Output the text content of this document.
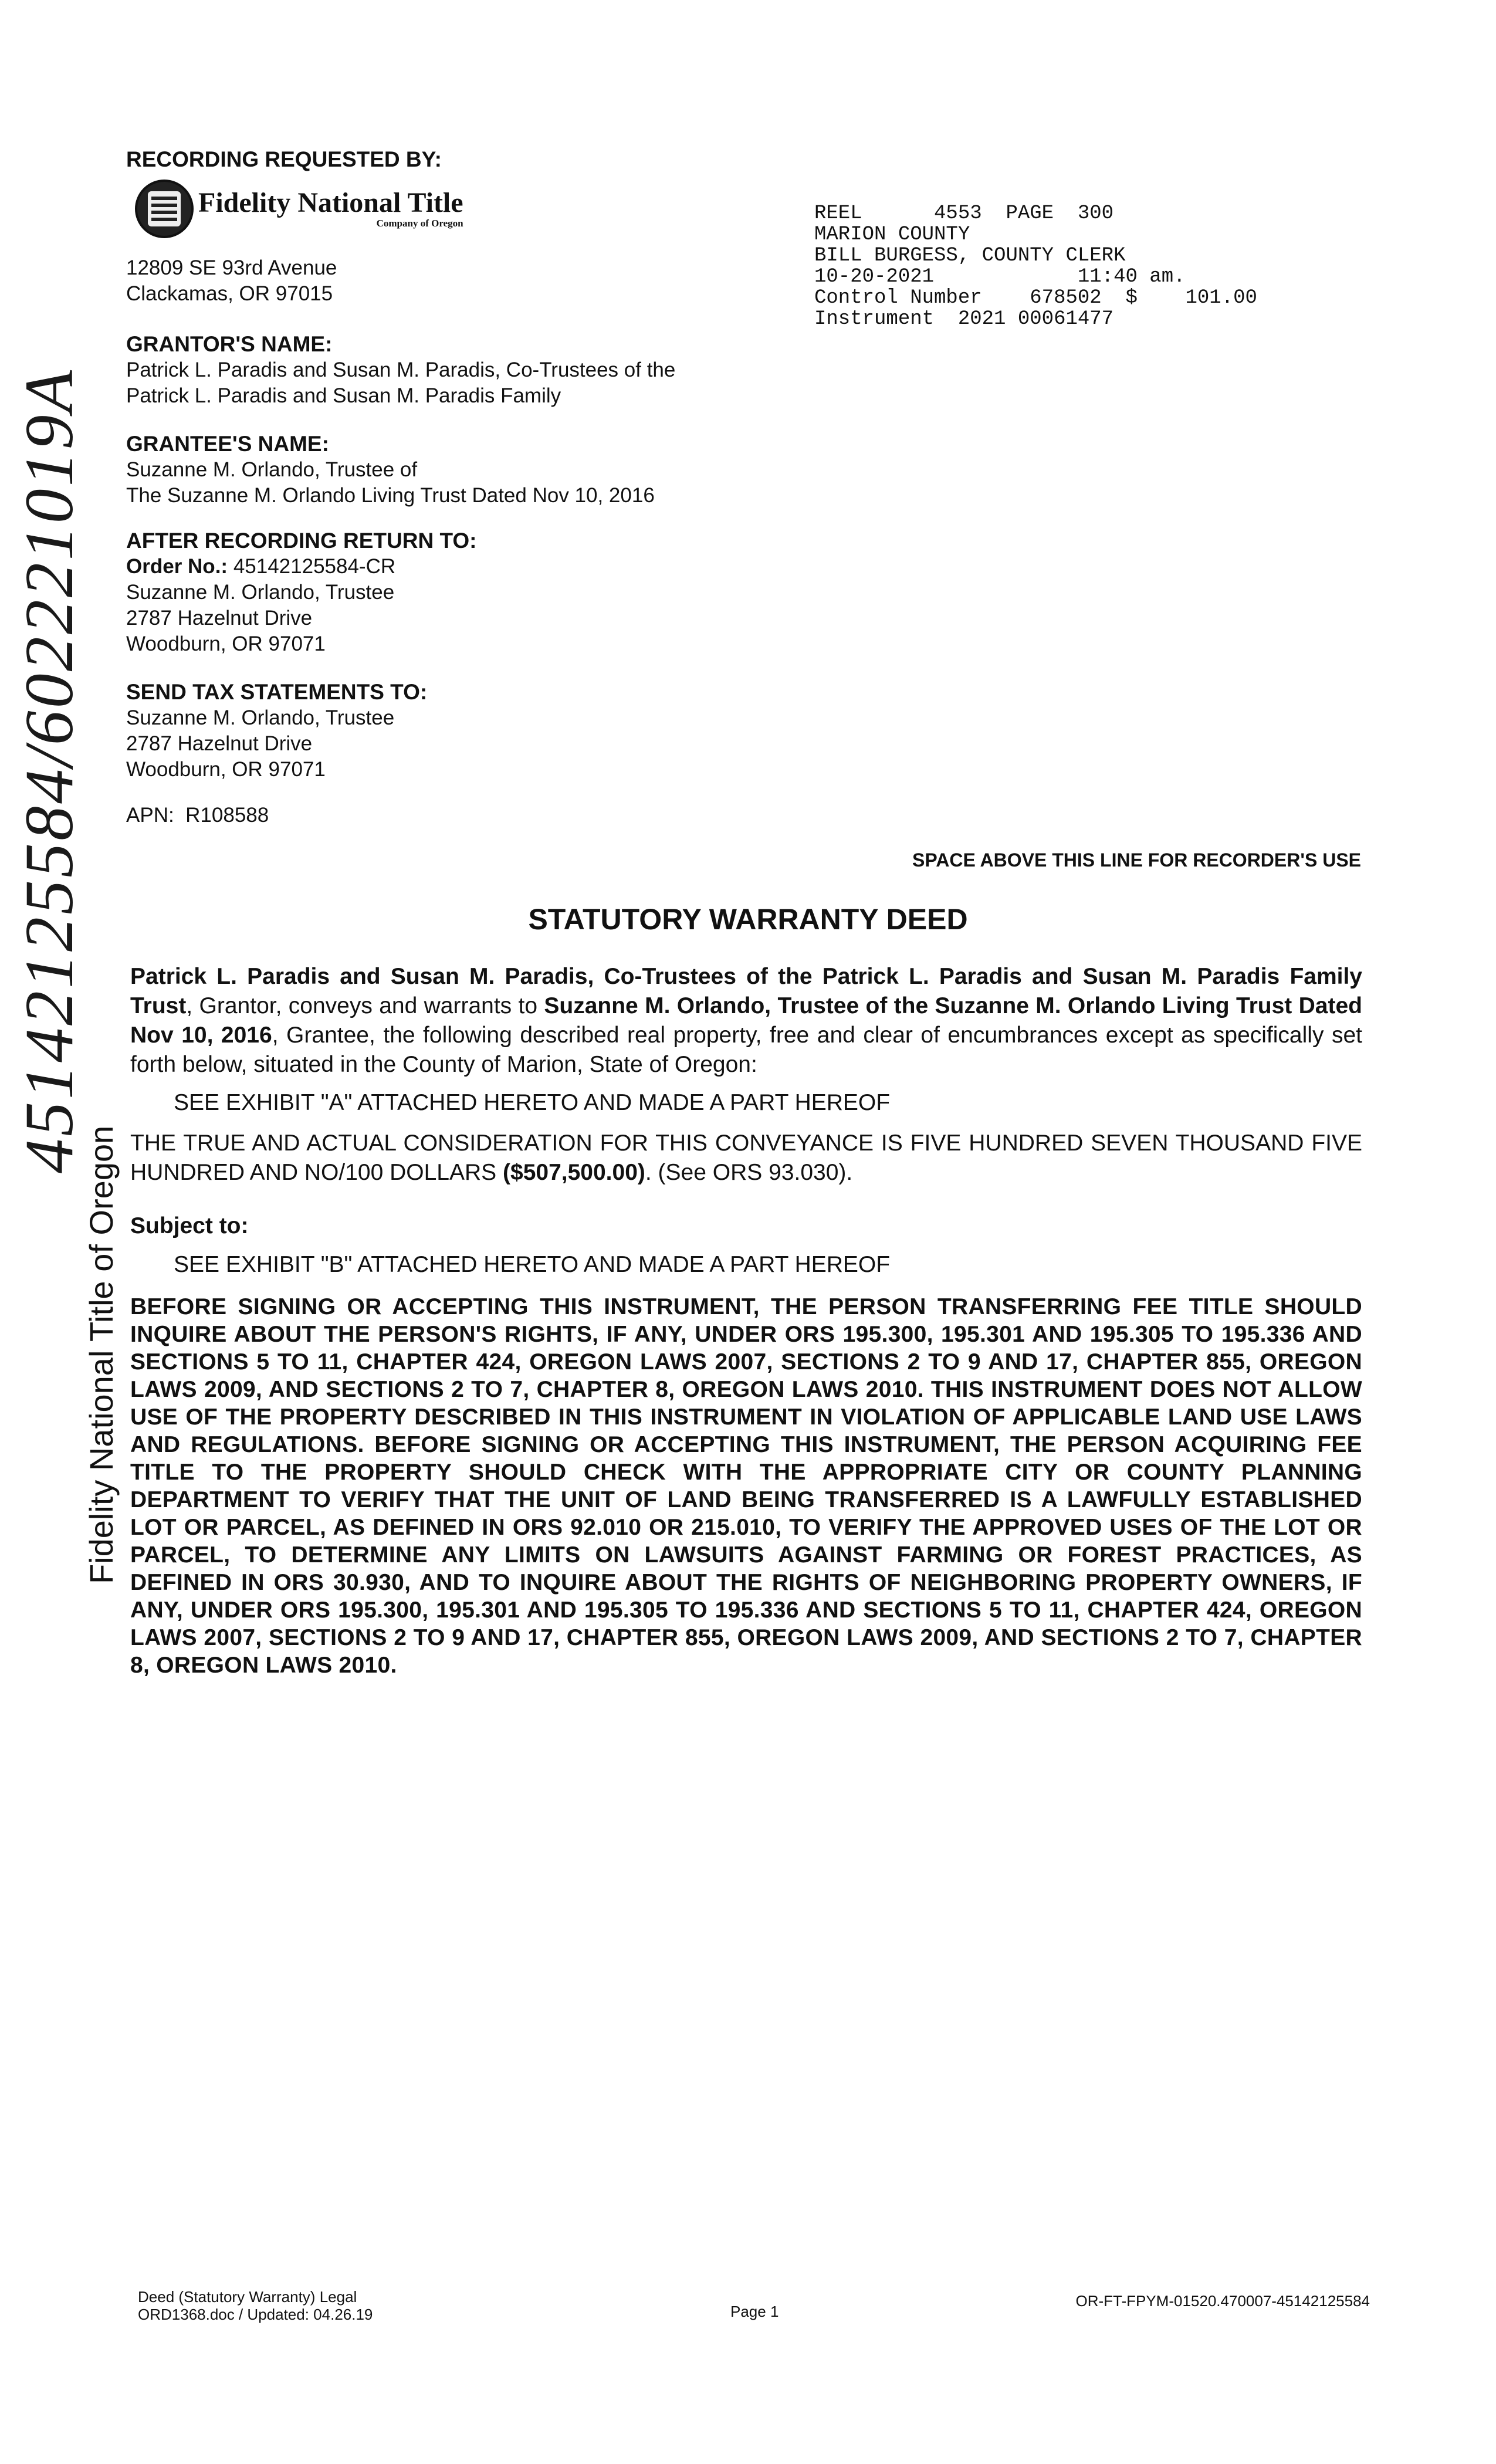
45142125584/602221019A
Fidelity National Title of Oregon
RECORDING REQUESTED BY:
Fidelity National Title
Company of Oregon
12809 SE 93rd Avenue
Clackamas, OR 97015
GRANTOR'S NAME:
Patrick L. Paradis and Susan M. Paradis, Co-Trustees of the
Patrick L. Paradis and Susan M. Paradis Family
GRANTEE'S NAME:
Suzanne M. Orlando, Trustee of
The Suzanne M. Orlando Living Trust Dated Nov 10, 2016
AFTER RECORDING RETURN TO:
Order No.: 45142125584-CR
Suzanne M. Orlando, Trustee
2787 Hazelnut Drive
Woodburn, OR 97071
SEND TAX STATEMENTS TO:
Suzanne M. Orlando, Trustee
2787 Hazelnut Drive
Woodburn, OR 97071
APN: R108588
REEL      4553  PAGE  300
MARION COUNTY
BILL BURGESS, COUNTY CLERK
10-20-2021            11:40 am.
Control Number    678502  $    101.00
Instrument  2021 00061477
SPACE ABOVE THIS LINE FOR RECORDER'S USE
STATUTORY WARRANTY DEED
Patrick L. Paradis and Susan M. Paradis, Co-Trustees of the Patrick L. Paradis and Susan M. Paradis Family Trust, Grantor, conveys and warrants to Suzanne M. Orlando, Trustee of the Suzanne M. Orlando Living Trust Dated Nov 10, 2016, Grantee, the following described real property, free and clear of encumbrances except as specifically set forth below, situated in the County of Marion, State of Oregon:
SEE EXHIBIT "A" ATTACHED HERETO AND MADE A PART HEREOF
THE TRUE AND ACTUAL CONSIDERATION FOR THIS CONVEYANCE IS FIVE HUNDRED SEVEN THOUSAND FIVE HUNDRED AND NO/100 DOLLARS ($507,500.00). (See ORS 93.030).
Subject to:
SEE EXHIBIT "B" ATTACHED HERETO AND MADE A PART HEREOF
BEFORE SIGNING OR ACCEPTING THIS INSTRUMENT, THE PERSON TRANSFERRING FEE TITLE SHOULD INQUIRE ABOUT THE PERSON'S RIGHTS, IF ANY, UNDER ORS 195.300, 195.301 AND 195.305 TO 195.336 AND SECTIONS 5 TO 11, CHAPTER 424, OREGON LAWS 2007, SECTIONS 2 TO 9 AND 17, CHAPTER 855, OREGON LAWS 2009, AND SECTIONS 2 TO 7, CHAPTER 8, OREGON LAWS 2010. THIS INSTRUMENT DOES NOT ALLOW USE OF THE PROPERTY DESCRIBED IN THIS INSTRUMENT IN VIOLATION OF APPLICABLE LAND USE LAWS AND REGULATIONS. BEFORE SIGNING OR ACCEPTING THIS INSTRUMENT, THE PERSON ACQUIRING FEE TITLE TO THE PROPERTY SHOULD CHECK WITH THE APPROPRIATE CITY OR COUNTY PLANNING DEPARTMENT TO VERIFY THAT THE UNIT OF LAND BEING TRANSFERRED IS A LAWFULLY ESTABLISHED LOT OR PARCEL, AS DEFINED IN ORS 92.010 OR 215.010, TO VERIFY THE APPROVED USES OF THE LOT OR PARCEL, TO DETERMINE ANY LIMITS ON LAWSUITS AGAINST FARMING OR FOREST PRACTICES, AS DEFINED IN ORS 30.930, AND TO INQUIRE ABOUT THE RIGHTS OF NEIGHBORING PROPERTY OWNERS, IF ANY, UNDER ORS 195.300, 195.301 AND 195.305 TO 195.336 AND SECTIONS 5 TO 11, CHAPTER 424, OREGON LAWS 2007, SECTIONS 2 TO 9 AND 17, CHAPTER 855, OREGON LAWS 2009, AND SECTIONS 2 TO 7, CHAPTER 8, OREGON LAWS 2010.
Deed (Statutory Warranty) Legal
ORD1368.doc / Updated: 04.26.19	Page 1
OR-FT-FPYM-01520.470007-45142125584
